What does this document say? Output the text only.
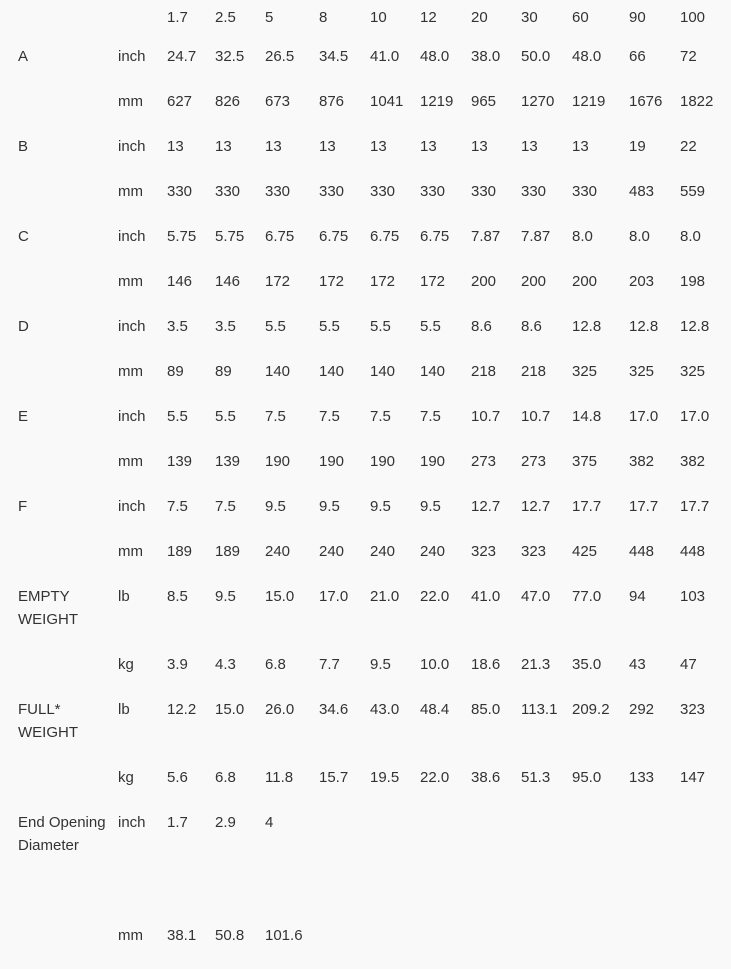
		1.7	2.5	5	8	10	12	20	30	60	90	100
A	inch	24.7	32.5	26.5	34.5	41.0	48.0	38.0	50.0	48.0	66	72
	mm	627	826	673	876	1041	1219	965	1270	1219	1676	1822
B	inch	13	13	13	13	13	13	13	13	13	19	22
	mm	330	330	330	330	330	330	330	330	330	483	559
C	inch	5.75	5.75	6.75	6.75	6.75	6.75	7.87	7.87	8.0	8.0	8.0
	mm	146	146	172	172	172	172	200	200	200	203	198
D	inch	3.5	3.5	5.5	5.5	5.5	5.5	8.6	8.6	12.8	12.8	12.8
	mm	89	89	140	140	140	140	218	218	325	325	325
E	inch	5.5	5.5	7.5	7.5	7.5	7.5	10.7	10.7	14.8	17.0	17.0
	mm	139	139	190	190	190	190	273	273	375	382	382
F	inch	7.5	7.5	9.5	9.5	9.5	9.5	12.7	12.7	17.7	17.7	17.7
	mm	189	189	240	240	240	240	323	323	425	448	448
EMPTY WEIGHT	lb	8.5	9.5	15.0	17.0	21.0	22.0	41.0	47.0	77.0	94	103
	kg	3.9	4.3	6.8	7.7	9.5	10.0	18.6	21.3	35.0	43	47
FULL* WEIGHT	lb	12.2	15.0	26.0	34.6	43.0	48.4	85.0	113.1	209.2	292	323
	kg	5.6	6.8	11.8	15.7	19.5	22.0	38.6	51.3	95.0	133	147
End Opening Diameter	inch	1.7	2.9	4								
	mm	38.1	50.8	101.6								
